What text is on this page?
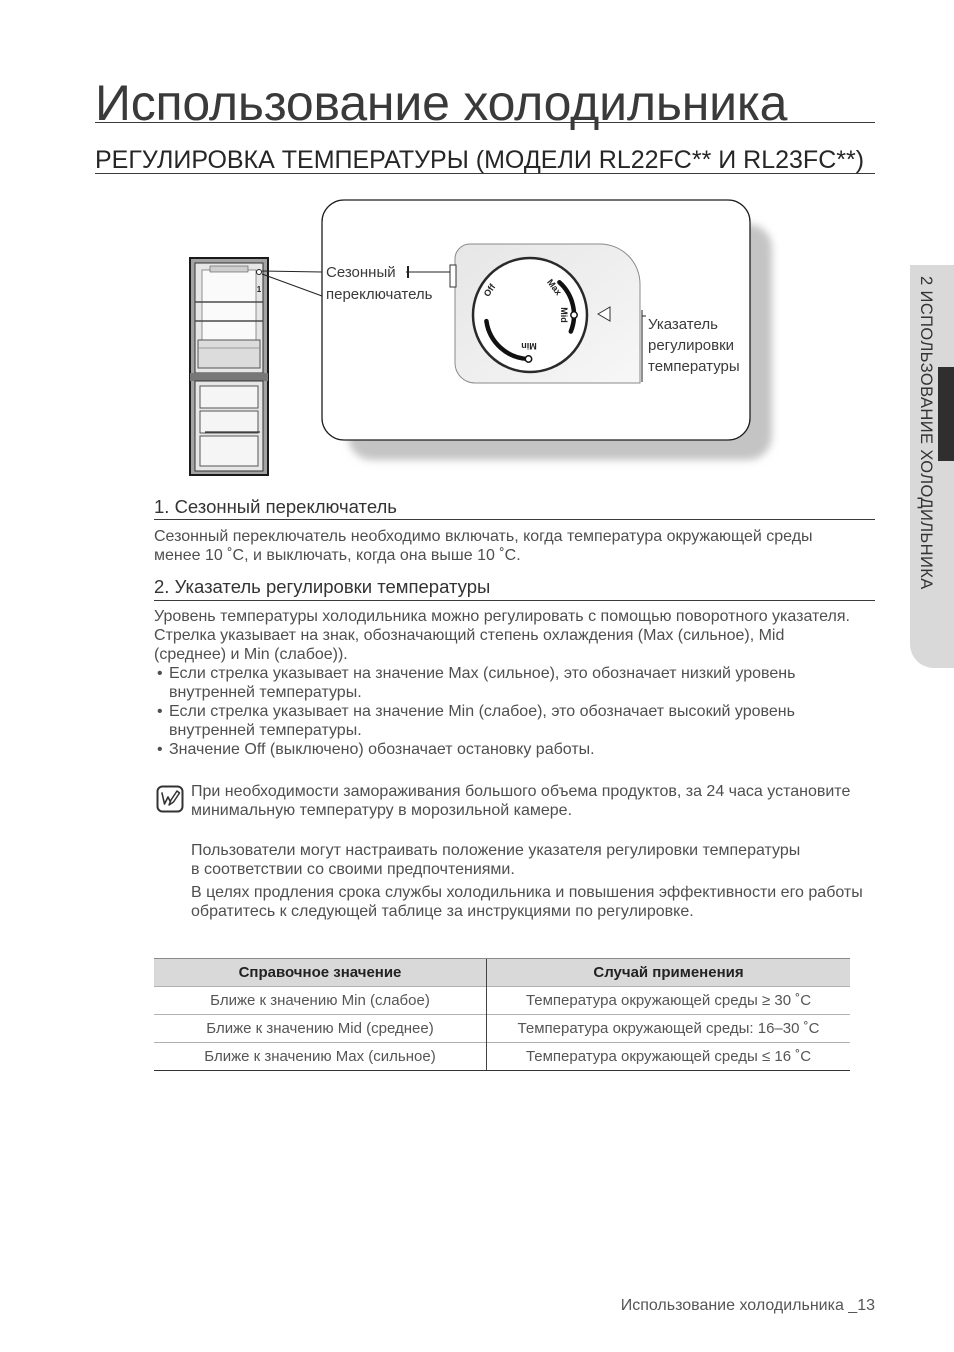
Использование холодильника
РЕГУЛИРОВКА ТЕМПЕРАТУРЫ (МОДЕЛИ RL22FC** И RL23FC**)
2 ИСПОЛЬЗОВАНИЕ ХОЛОДИЛЬНИКА
1	Off	Max
Mid
Min
Сезонный
переключатель
Указатель
регулировки
температуры
1. Сезонный переключатель
Сезонный переключатель необходимо включать, когда температура окружающей среды
менее 10 ˚C, и выключать, когда она выше 10 ˚C.
2. Указатель регулировки температуры
Уровень температуры холодильника можно регулировать с помощью поворотного указателя.
Стрелка указывает на знак, обозначающий степень охлаждения (Max (сильное), Mid
(среднее) и Min (слабое)).
• Если стрелка указывает на значение Max (сильное), это обозначает низкий уровень
внутренней температуры.
• Если стрелка указывает на значение Min (слабое), это обозначает высокий уровень
внутренней температуры.
• Значение Off (выключено) обозначает остановку работы.
При необходимости замораживания большого объема продуктов, за 24 часа установите
минимальную температуру в морозильной камере.
Пользователи могут настраивать положение указателя регулировки температуры
в соответствии со своими предпочтениями.
В целях продления срока службы холодильника и повышения эффективности его работы
обратитесь к следующей таблице за инструкциями по регулировке.
Справочное значение	Случай применения
Ближе к значению Min (слабое)	Температура окружающей среды ≥ 30 ˚C
Ближе к значению Mid (среднее)	Температура окружающей среды: 16–30 ˚C
Ближе к значению Max (сильное)	Температура окружающей среды ≤ 16 ˚C
Использование холодильника _13
